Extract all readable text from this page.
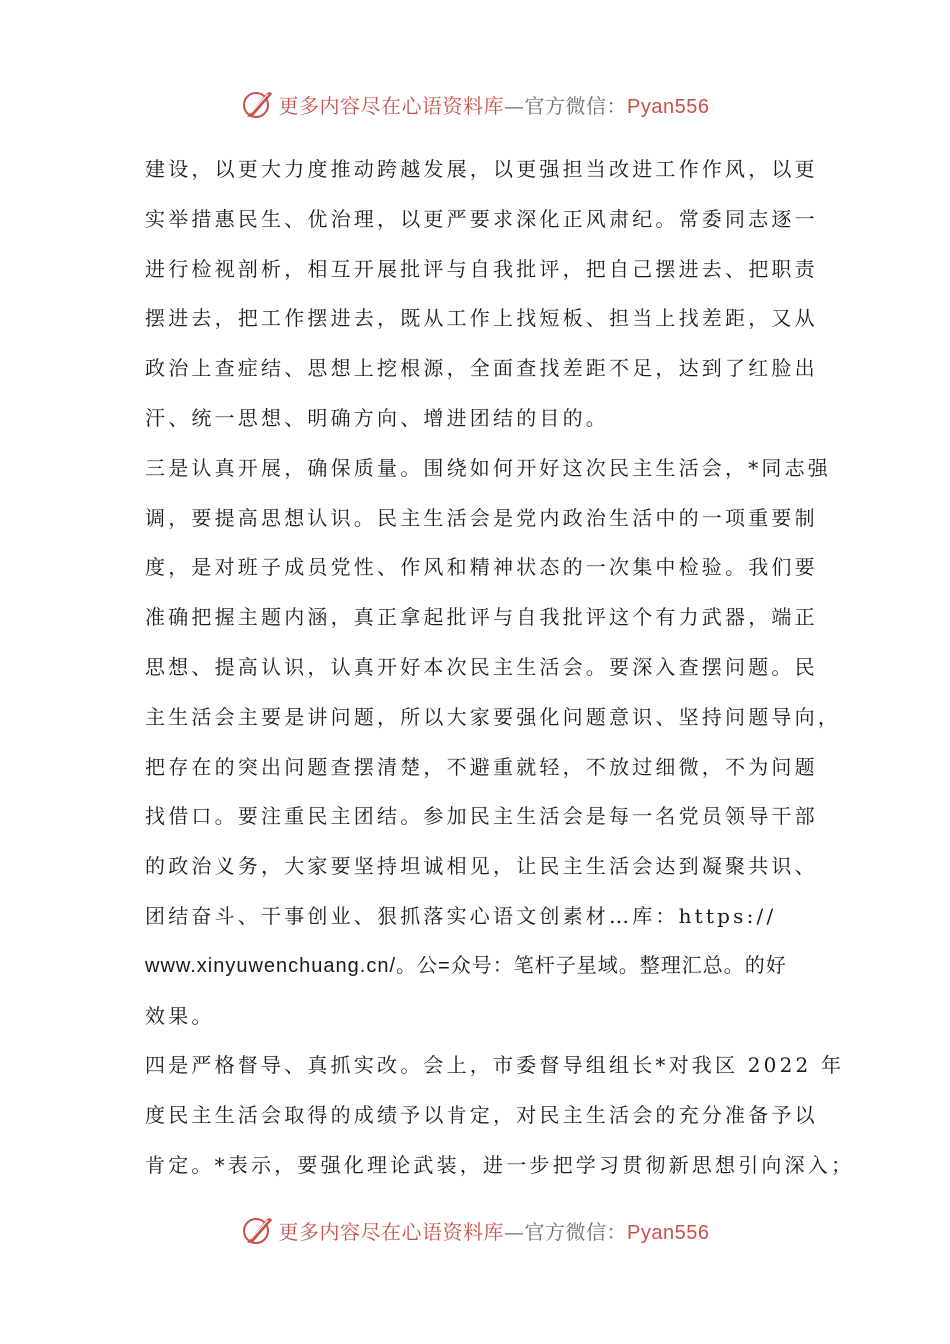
更多内容尽在心语资料库—官方微信：Pyan556
建设，以更大力度推动跨越发展，以更强担当改进工作作风，以更
实举措惠民生、优治理，以更严要求深化正风肃纪。常委同志逐一
进行检视剖析，相互开展批评与自我批评，把自己摆进去、把职责
摆进去，把工作摆进去，既从工作上找短板、担当上找差距，又从
政治上查症结、思想上挖根源，全面查找差距不足，达到了红脸出
汗、统一思想、明确方向、增进团结的目的。
三是认真开展，确保质量。围绕如何开好这次民主生活会，*同志强
调，要提高思想认识。民主生活会是党内政治生活中的一项重要制
度，是对班子成员党性、作风和精神状态的一次集中检验。我们要
准确把握主题内涵，真正拿起批评与自我批评这个有力武器，端正
思想、提高认识，认真开好本次民主生活会。要深入查摆问题。民
主生活会主要是讲问题，所以大家要强化问题意识、坚持问题导向，
把存在的突出问题查摆清楚，不避重就轻，不放过细微，不为问题
找借口。要注重民主团结。参加民主生活会是每一名党员领导干部
的政治义务，大家要坚持坦诚相见，让民主生活会达到凝聚共识、
团结奋斗、干事创业、狠抓落实心语文创素材…库：https://
www.xinyuwenchuang.cn/。公=众号：笔杆子星域。整理汇总。的好
效果。
四是严格督导、真抓实改。会上，市委督导组组长*对我区 2022 年
度民主生活会取得的成绩予以肯定，对民主生活会的充分准备予以
肯定。*表示，要强化理论武装，进一步把学习贯彻新思想引向深入；
更多内容尽在心语资料库—官方微信：Pyan556
